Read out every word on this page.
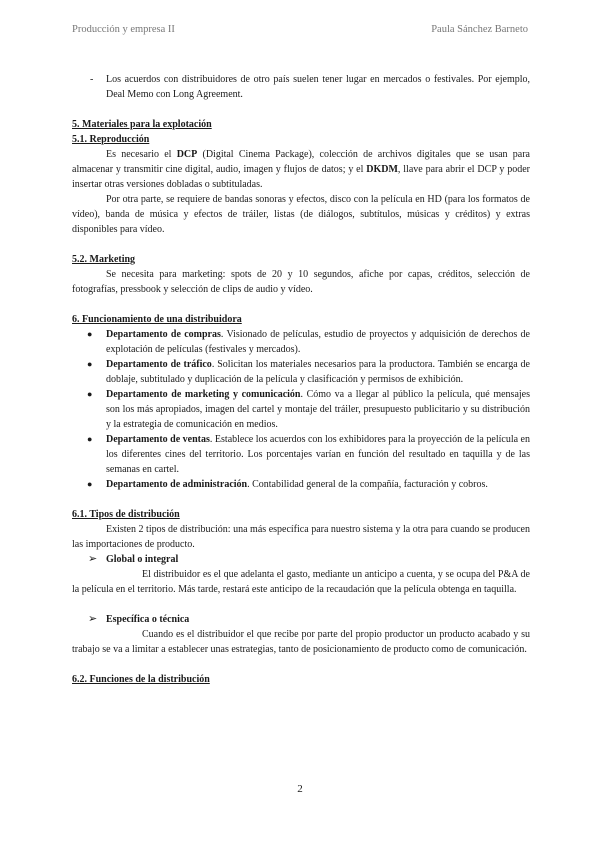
Producción y empresa II	Paula Sánchez Barneto
- Los acuerdos con distribuidores de otro país suelen tener lugar en mercados o festivales. Por ejemplo, Deal Memo con Long Agreement.

5. Materiales para la explotación

5.1. Reproducción

Es necesario el DCP (Digital Cinema Package), colección de archivos digitales que se usan para almacenar y transmitir cine digital, audio, imagen y flujos de datos; y el DKDM, llave para abrir el DCP y poder insertar otras versiones dobladas o subtituladas.

Por otra parte, se requiere de bandas sonoras y efectos, disco con la película en HD (para los formatos de vídeo), banda de música y efectos de tráiler, listas (de diálogos, subtítulos, músicas y créditos) y extras disponibles para vídeo.

5.2. Marketing

Se necesita para marketing: spots de 20 y 10 segundos, afiche por capas, créditos, selección de fotografías, pressbook y selección de clips de audio y vídeo.

6. Funcionamiento de una distribuidora

● Departamento de compras. Visionado de películas, estudio de proyectos y adquisición de derechos de explotación de películas (festivales y mercados).
● Departamento de tráfico. Solicitan los materiales necesarios para la productora. También se encarga de doblaje, subtitulado y duplicación de la película y clasificación y permisos de exhibición.
● Departamento de marketing y comunicación. Cómo va a llegar al público la película, qué mensajes son los más apropiados, imagen del cartel y montaje del tráiler, presupuesto publicitario y su distribución y la estrategia de comunicación en medios.
● Departamento de ventas. Establece los acuerdos con los exhibidores para la proyección de la película en los diferentes cines del territorio. Los porcentajes varían en función del resultado en taquilla y de las semanas en cartel.
● Departamento de administración. Contabilidad general de la compañía, facturación y cobros.

6.1. Tipos de distribución

Existen 2 tipos de distribución: una más específica para nuestro sistema y la otra para cuando se producen las importaciones de producto.

➢ Global o integral

El distribuidor es el que adelanta el gasto, mediante un anticipo a cuenta, y se ocupa del P&A de la película en el territorio. Más tarde, restará este anticipo de la recaudación que la película obtenga en taquilla.

➢ Específica o técnica

Cuando es el distribuidor el que recibe por parte del propio productor un producto acabado y su trabajo se va a limitar a establecer unas estrategias, tanto de posicionamiento de producto como de comunicación.

6.2. Funciones de la distribución

2
